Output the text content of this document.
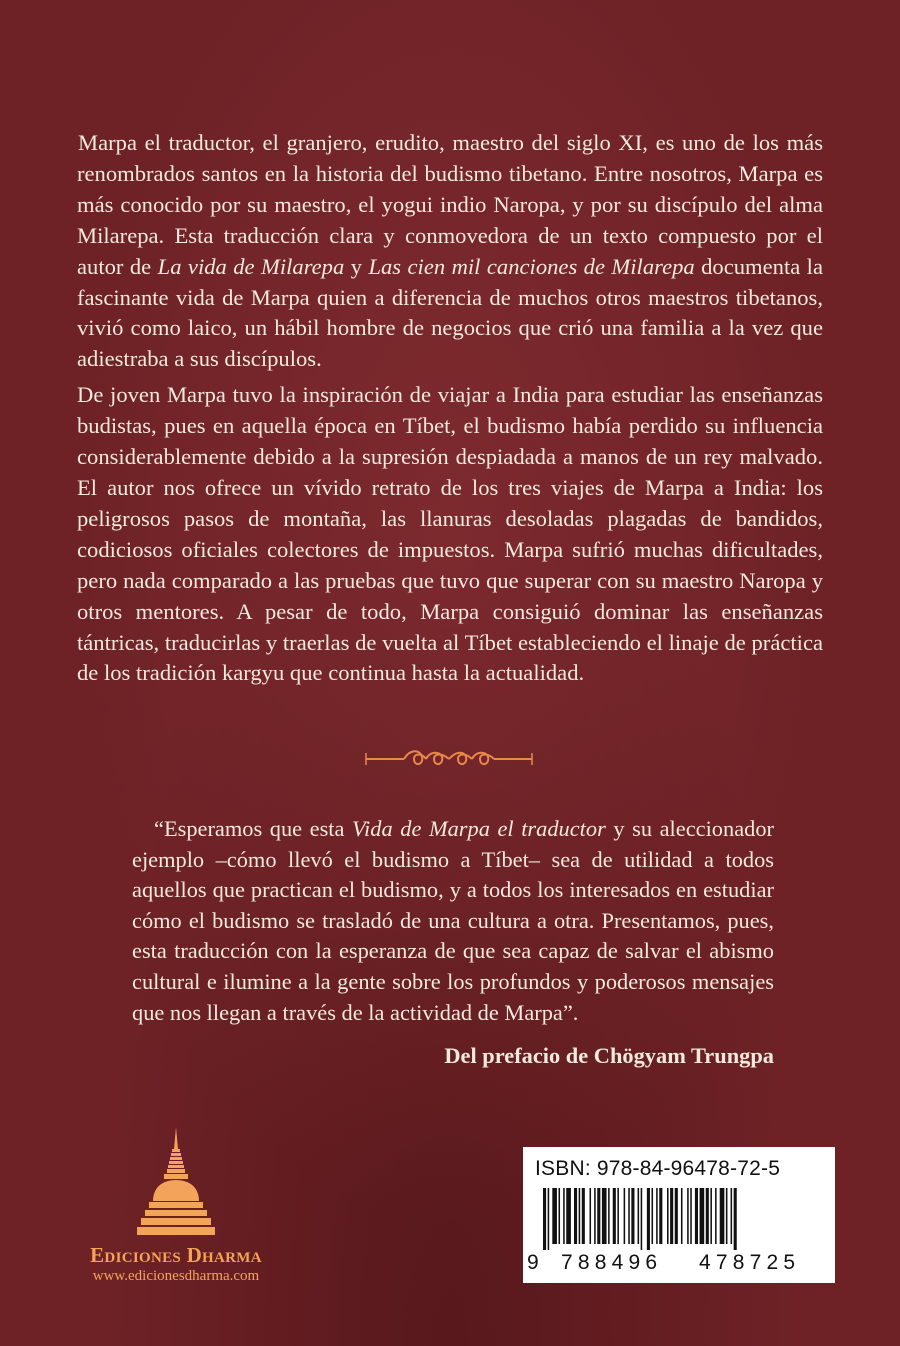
Marpa el traductor, el granjero, erudito, maestro del siglo XI, es uno de los más renombrados santos en la historia del budismo tibetano. Entre nosotros, Marpa es más conocido por su maestro, el yogui indio Naropa, y por su discípulo del alma Milarepa. Esta traducción clara y conmovedora de un texto compuesto por el autor de La vida de Milarepa y Las cien mil canciones de Milarepa documenta la fascinante vida de Marpa quien a diferencia de muchos otros maestros tibetanos, vivió como laico, un hábil hombre de negocios que crió una familia a la vez que adiestraba a sus discípulos.

De joven Marpa tuvo la inspiración de viajar a India para estudiar las enseñanzas budistas, pues en aquella época en Tíbet, el budismo había perdido su influencia considerablemente debido a la supresión despiadada a manos de un rey malvado. El autor nos ofrece un vívido retrato de los tres viajes de Marpa a India: los peligrosos pasos de montaña, las llanuras desoladas plagadas de bandidos, codiciosos oficiales colectores de impuestos. Marpa sufrió muchas dificultades, pero nada comparado a las pruebas que tuvo que superar con su maestro Naropa y otros mentores. A pesar de todo, Marpa consiguió dominar las enseñanzas tántricas, traducirlas y traerlas de vuelta al Tíbet estableciendo el linaje de práctica de los tradición kargyu que continua hasta la actualidad.

“Esperamos que esta Vida de Marpa el traductor y su aleccionador ejemplo –cómo llevó el budismo a Tíbet– sea de utilidad a todos aquellos que practican el budismo, y a todos los interesados en estudiar cómo el budismo se trasladó de una cultura a otra. Presentamos, pues, esta traducción con la esperanza de que sea capaz de salvar el abismo cultural e ilumine a la gente sobre los profundos y poderosos mensajes que nos llegan a través de la actividad de Marpa”.

Del prefacio de Chögyam Trungpa
Ediciones Dharma
www.edicionesdharma.com
ISBN: 978-84-96478-72-5
9 788496 478725
